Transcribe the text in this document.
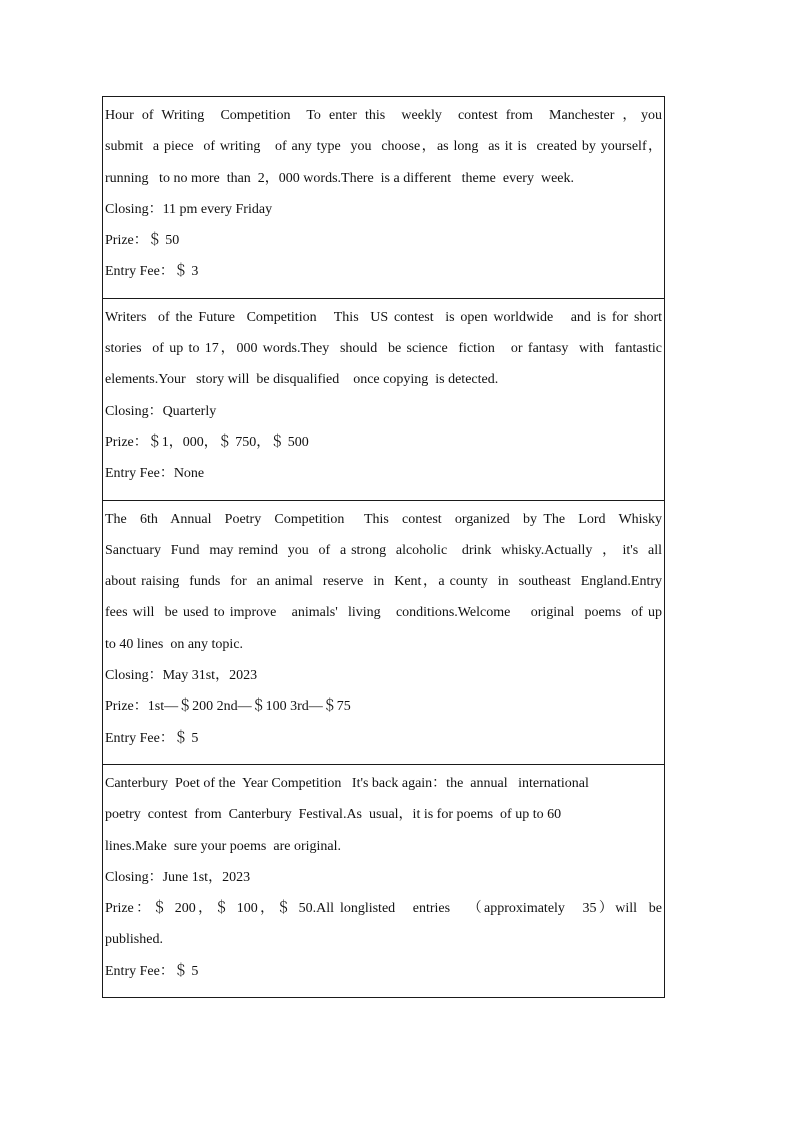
Hour of Writing  Competition  To enter this  weekly  contest from  Manchester ，you
submit  a piece  of writing   of any type  you  choose，as long  as it is  created by yourself，
running   to no more  than  2，000 words.There  is a different   theme  every  week.
Closing：11 pm every Friday
Prize：＄ 50
Entry Fee：＄ 3

Writers  of the Future  Competition   This  US contest  is open worldwide   and is for short
stories  of up to 17，000 words.They  should  be science  fiction   or fantasy  with  fantastic
elements.Your   story will  be disqualified    once copying  is detected.
Closing：Quarterly
Prize：＄1，000，＄ 750，＄ 500
Entry Fee：None

The  6th  Annual  Poetry  Competition   This  contest  organized  by The  Lord  Whisky
Sanctuary  Fund  may remind  you  of  a strong  alcoholic   drink  whisky.Actually  ， it's  all
about raising  funds  for  an animal  reserve  in  Kent，a county  in  southeast  England.Entry
fees will  be used to improve   animals'  living   conditions.Welcome    original  poems  of up
to 40 lines  on any topic.
Closing：May 31st，2023
Prize：1st—＄200 2nd—＄100 3rd—＄75
Entry Fee：＄ 5

Canterbury  Poet of the  Year Competition   It's back again：the  annual   international
poetry  contest  from  Canterbury  Festival.As  usual，it is for poems  of up to 60
lines.Make  sure your poems  are original.
Closing：June 1st，2023
Prize：＄ 200，＄ 100，＄ 50.All longlisted   entries   （approximately   35）will  be
published.
Entry Fee：＄ 5
